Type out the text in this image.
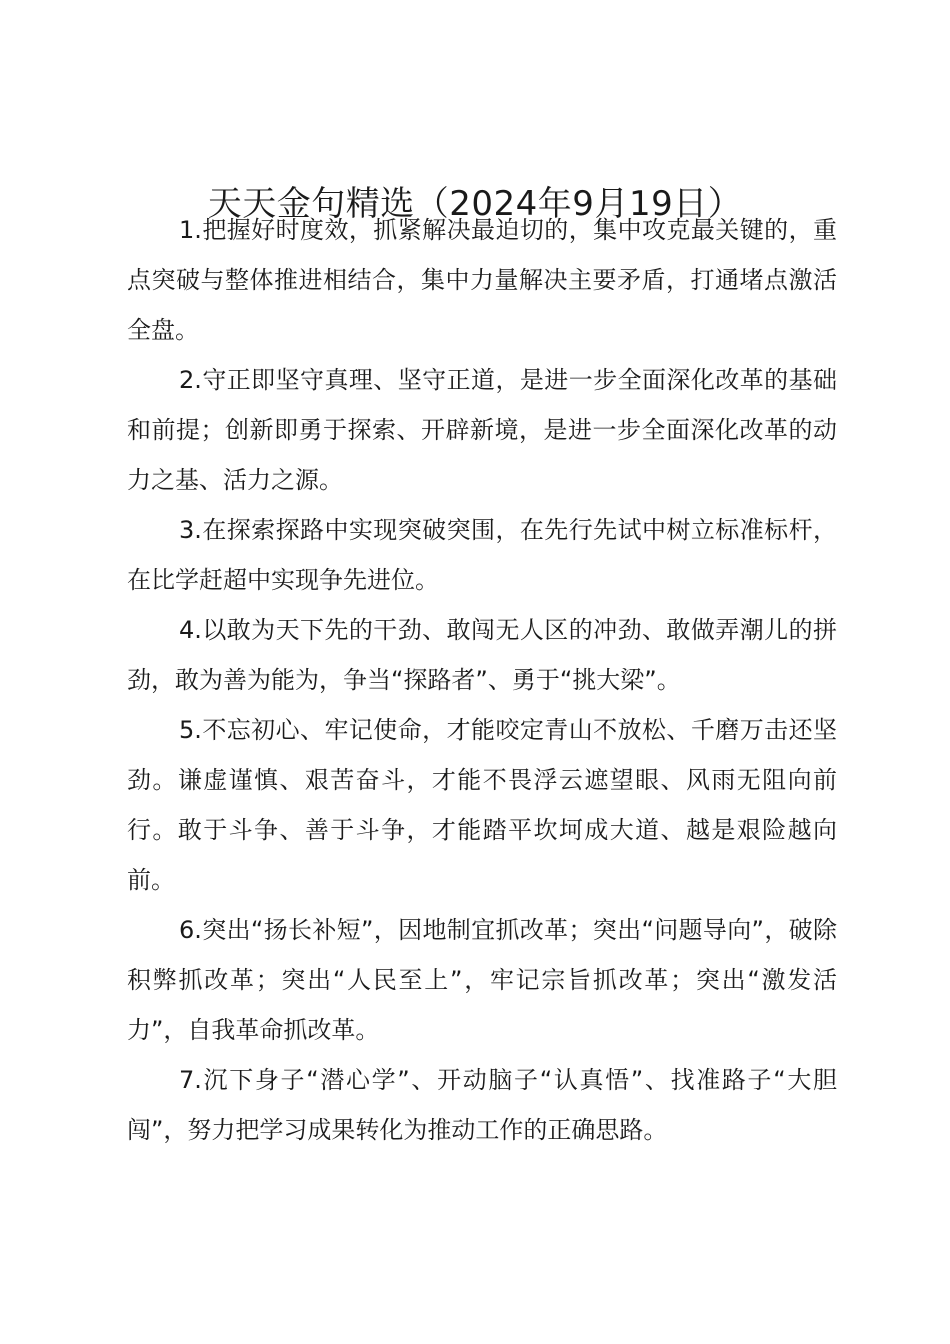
天天金句精选（2024年9月19日）

1.把握好时度效，抓紧解决最迫切的，集中攻克最关键的，重点突破与整体推进相结合，集中力量解决主要矛盾，打通堵点激活全盘。

2.守正即坚守真理、坚守正道，是进一步全面深化改革的基础和前提；创新即勇于探索、开辟新境，是进一步全面深化改革的动力之基、活力之源。

3.在探索探路中实现突破突围，在先行先试中树立标准标杆，在比学赶超中实现争先进位。

4.以敢为天下先的干劲、敢闯无人区的冲劲、敢做弄潮儿的拼劲，敢为善为能为，争当“探路者”、勇于“挑大梁”。

5.不忘初心、牢记使命，才能咬定青山不放松、千磨万击还坚劲。谦虚谨慎、艰苦奋斗，才能不畏浮云遮望眼、风雨无阻向前行。敢于斗争、善于斗争，才能踏平坎坷成大道、越是艰险越向前。

6.突出“扬长补短”，因地制宜抓改革；突出“问题导向”，破除积弊抓改革；突出“人民至上”，牢记宗旨抓改革；突出“激发活力”，自我革命抓改革。

7.沉下身子“潜心学”、开动脑子“认真悟”、找准路子“大胆闯”，努力把学习成果转化为推动工作的正确思路。
